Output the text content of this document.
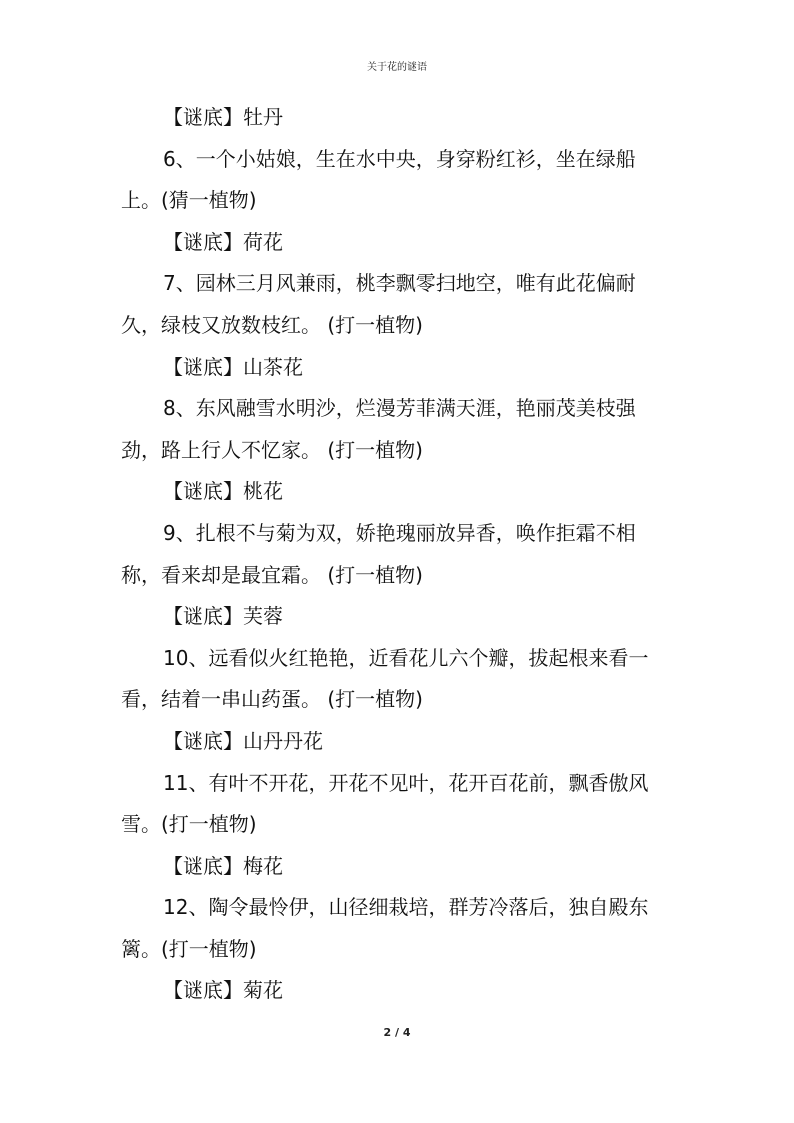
关于花的谜语
【谜底】牡丹
6、一个小姑娘，生在水中央，身穿粉红衫，坐在绿船
上。(猜一植物)
【谜底】荷花
7、园林三月风兼雨，桃李飘零扫地空，唯有此花偏耐
久，绿枝又放数枝红。 (打一植物)
【谜底】山茶花
8、东风融雪水明沙，烂漫芳菲满天涯，艳丽茂美枝强
劲，路上行人不忆家。 (打一植物)
【谜底】桃花
9、扎根不与菊为双，娇艳瑰丽放异香，唤作拒霜不相
称，看来却是最宜霜。 (打一植物)
【谜底】芙蓉
10、远看似火红艳艳，近看花儿六个瓣，拔起根来看一
看，结着一串山药蛋。 (打一植物)
【谜底】山丹丹花
11、有叶不开花，开花不见叶，花开百花前，飘香傲风
雪。(打一植物)
【谜底】梅花
12、陶令最怜伊，山径细栽培，群芳冷落后，独自殿东
篱。(打一植物)
【谜底】菊花
2 / 4
